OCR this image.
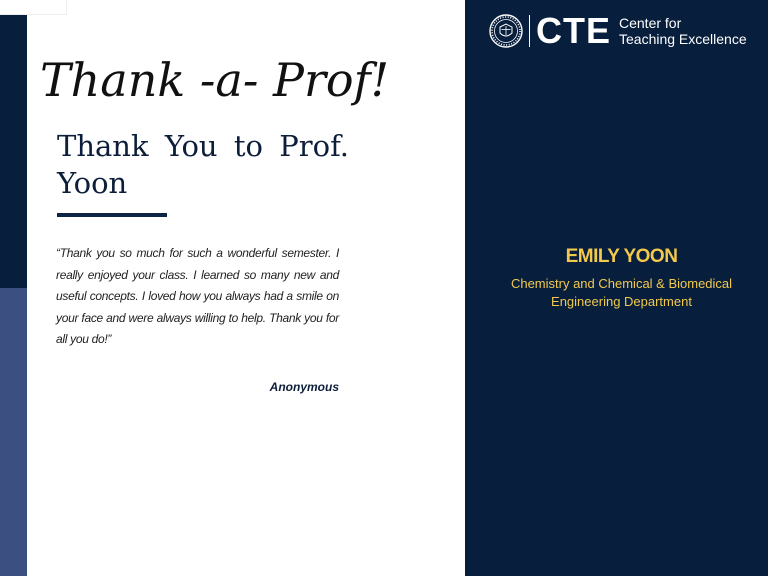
Thank -a- Prof!
Thank You to Prof. Yoon

“Thank you so much for such a wonderful semester. I really enjoyed your class. I learned so many new and useful concepts. I loved how you always had a smile on your face and were always willing to help. Thank you for all you do!”

Anonymous
CTE Center for
Teaching Excellence
EMILY YOON

Chemistry and Chemical & Biomedical Engineering Department
